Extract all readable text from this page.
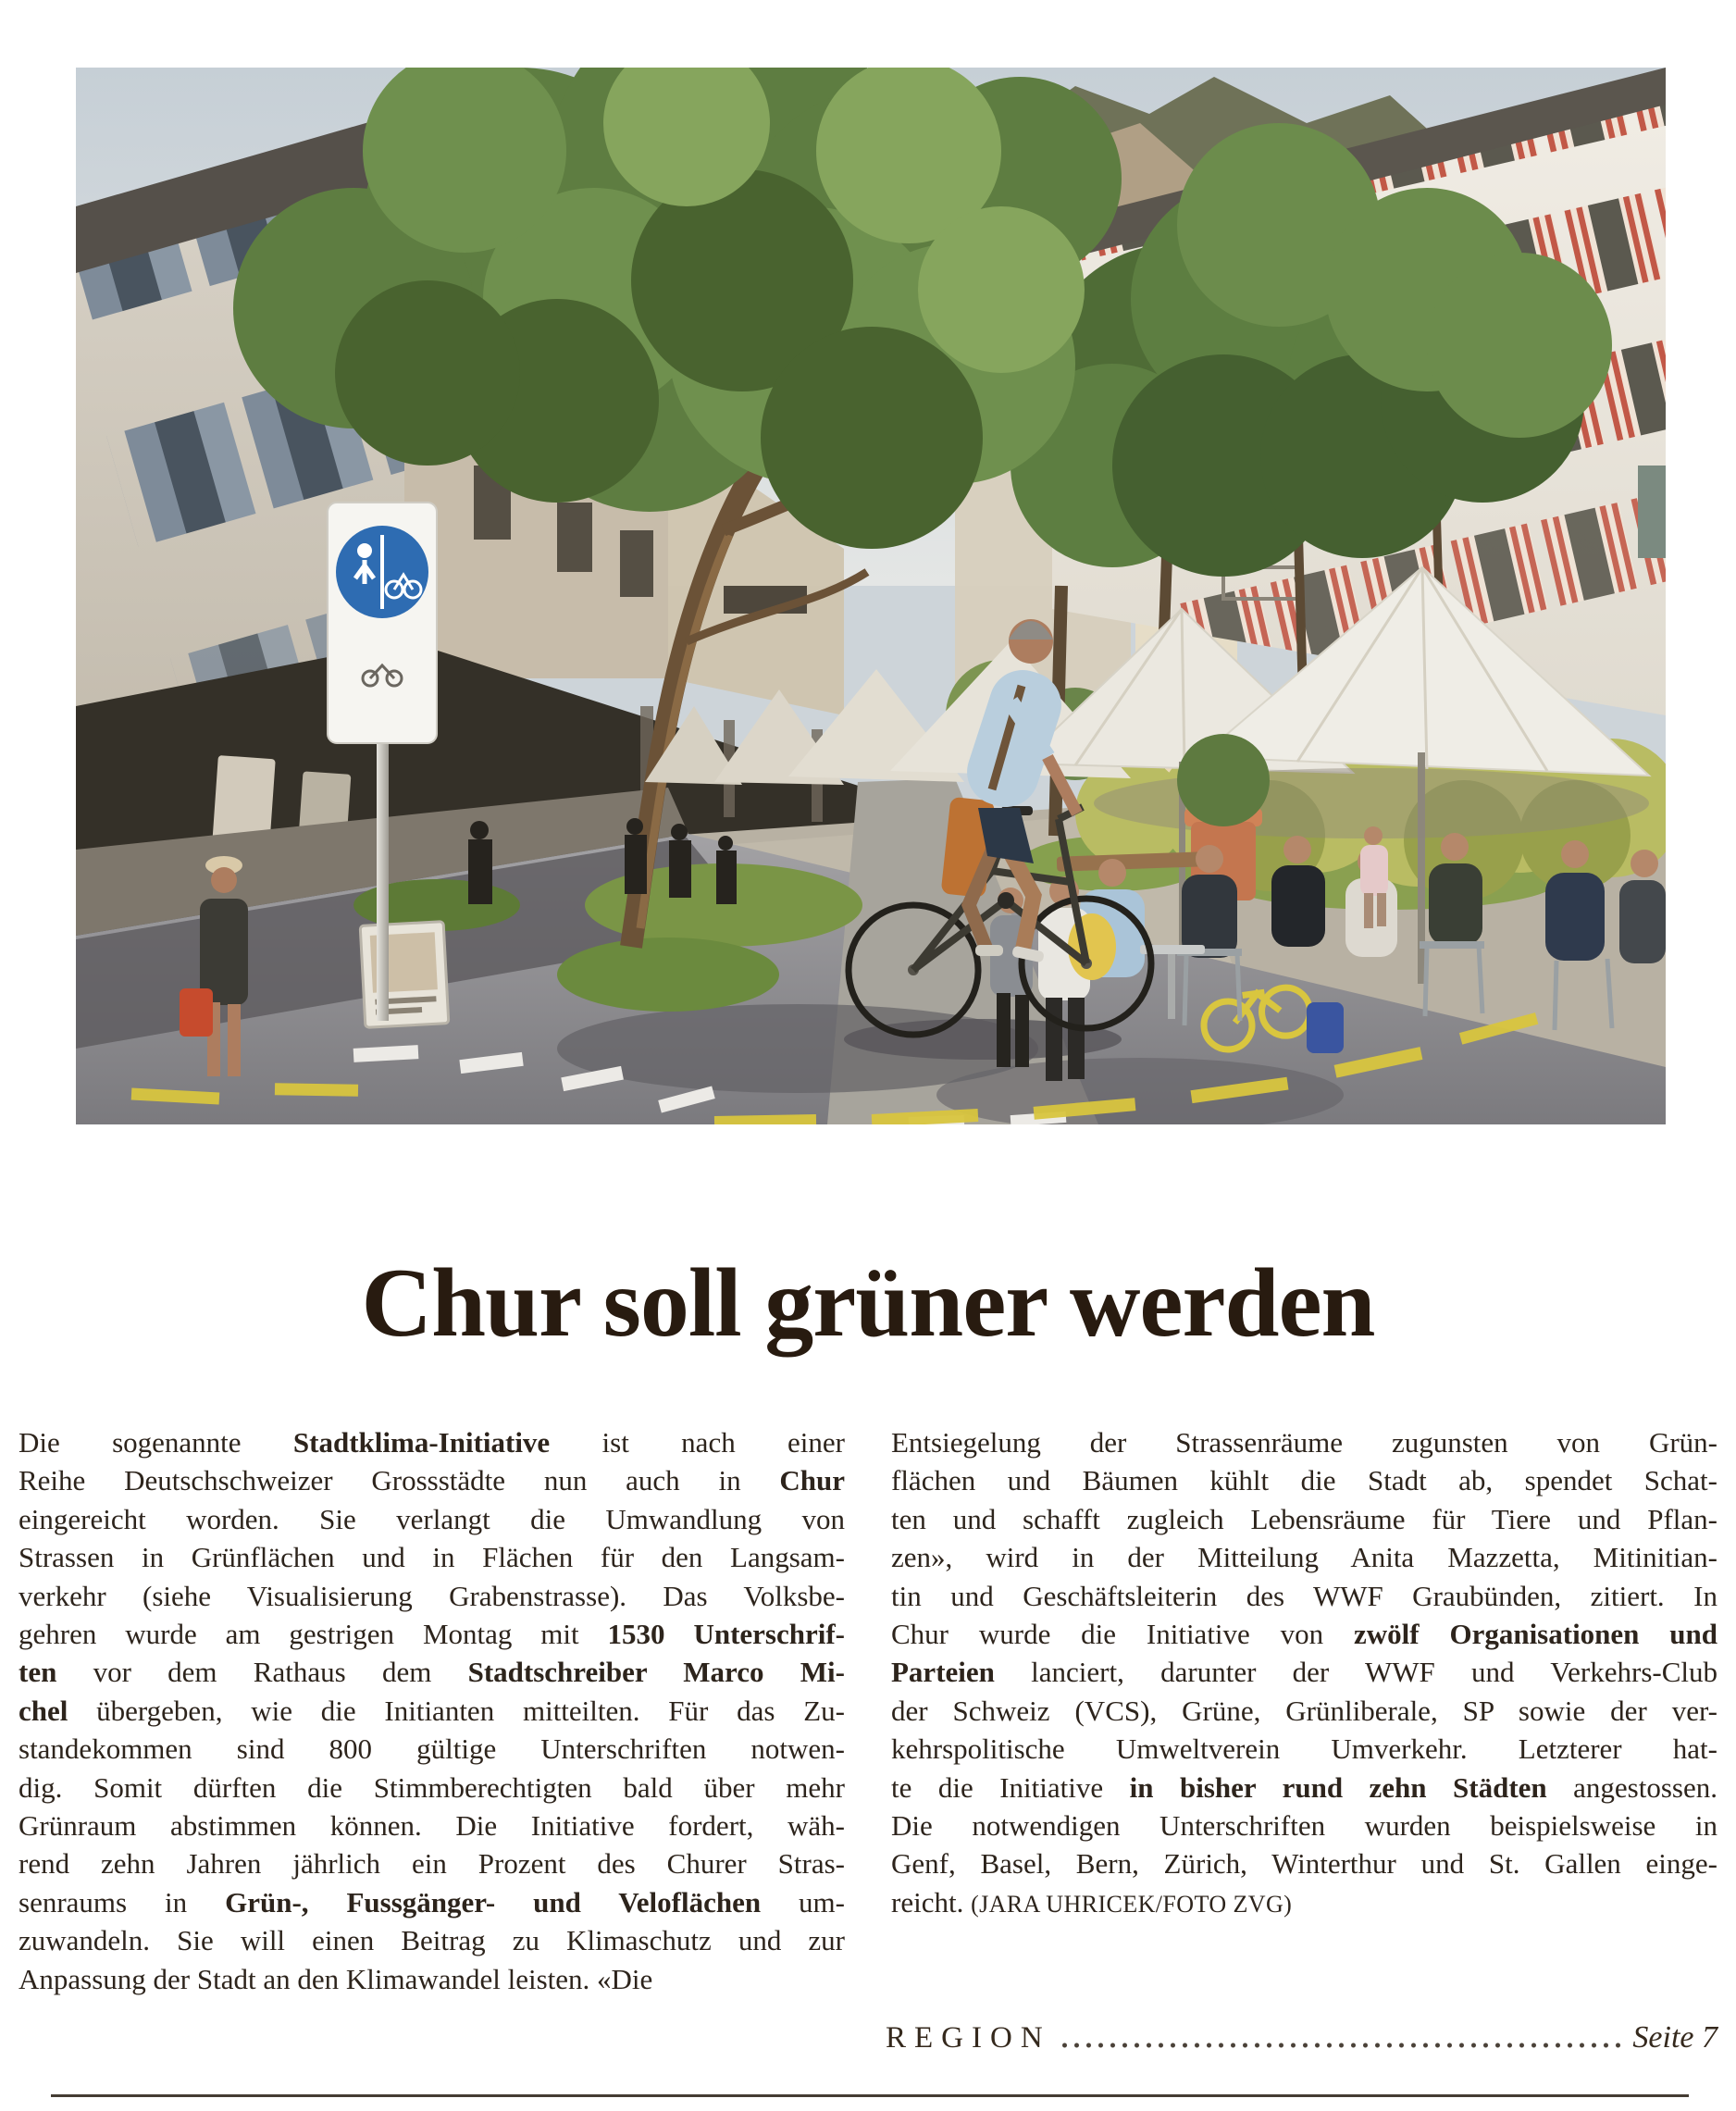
Chur soll grüner werden
Die sogenannte Stadtklima-Initiative ist nach einer
Reihe Deutschschweizer Grossstädte nun auch in Chur
eingereicht worden. Sie verlangt die Umwandlung von
Strassen in Grünflächen und in Flächen für den Langsam-
verkehr (siehe Visualisierung Grabenstrasse). Das Volksbe-
gehren wurde am gestrigen Montag mit 1530 Unterschrif-
ten vor dem Rathaus dem Stadtschreiber Marco Mi-
chel übergeben, wie die Initianten mitteilten. Für das Zu-
standekommen sind 800 gültige Unterschriften notwen-
dig. Somit dürften die Stimmberechtigten bald über mehr
Grünraum abstimmen können. Die Initiative fordert, wäh-
rend zehn Jahren jährlich ein Prozent des Churer Stras-
senraums in Grün-, Fussgänger- und Veloflächen um-
zuwandeln. Sie will einen Beitrag zu Klimaschutz und zur
Anpassung der Stadt an den Klimawandel leisten. «Die
Entsiegelung der Strassenräume zugunsten von Grün-
flächen und Bäumen kühlt die Stadt ab, spendet Schat-
ten und schafft zugleich Lebensräume für Tiere und Pflan-
zen», wird in der Mitteilung Anita Mazzetta, Mitinitian-
tin und Geschäftsleiterin des WWF Graubünden, zitiert. In
Chur wurde die Initiative von zwölf Organisationen und
Parteien lanciert, darunter der WWF und Verkehrs-Club
der Schweiz (VCS), Grüne, Grünliberale, SP sowie der ver-
kehrspolitische Umweltverein Umverkehr. Letzterer hat-
te die Initiative in bisher rund zehn Städten angestossen.
Die notwendigen Unterschriften wurden beispielsweise in
Genf, Basel, Bern, Zürich, Winterthur und St. Gallen einge-
reicht. (JARA UHRICEK/FOTO ZVG)
REGION	Seite 7
